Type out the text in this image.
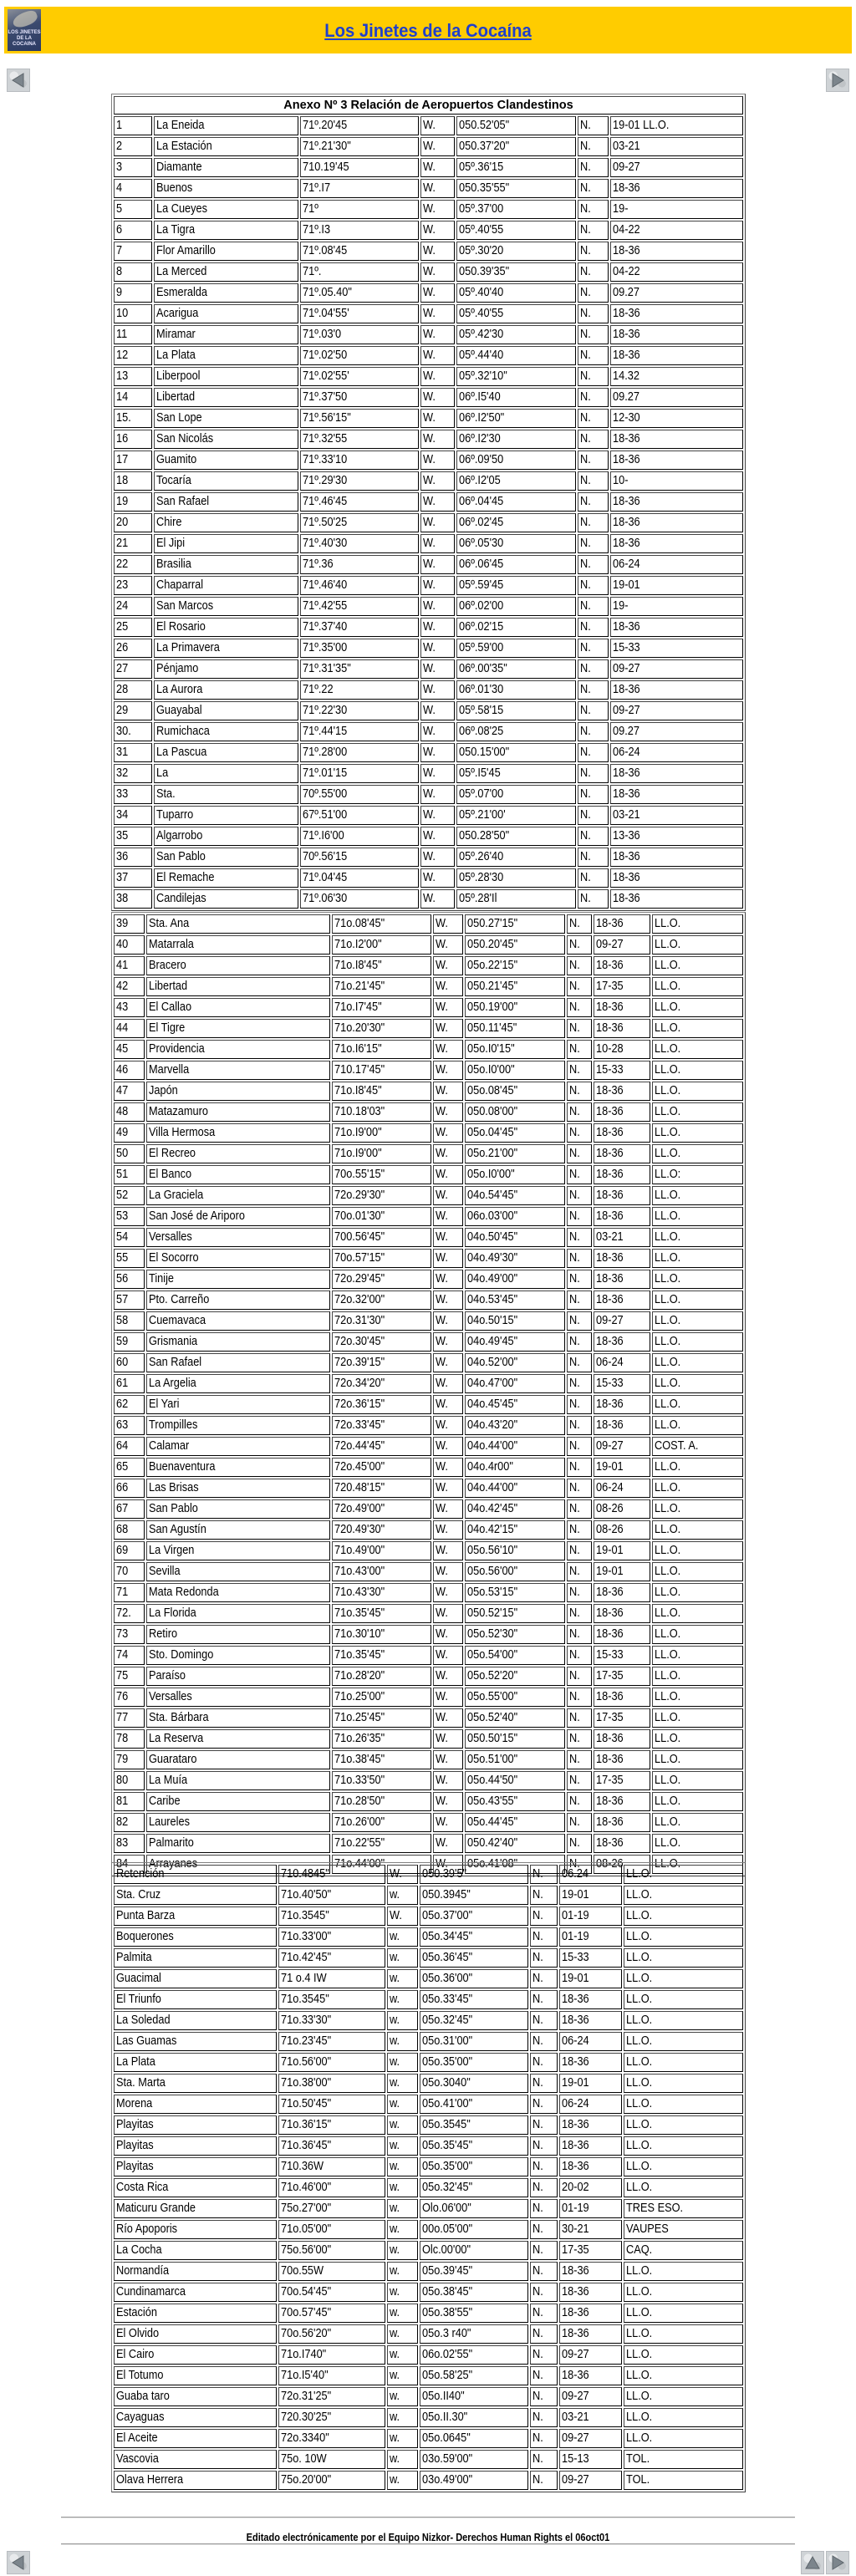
LOS JINETES DE LA COCAINA
Los Jinetes de la Cocaína
Anexo Nº 3 Relación de Aeropuertos Clandestinos						
1	La Eneida	71º.20'45	W.	050.52'05"	N.	19-01 LL.O.
2	La Estación	71º.21'30"	W.	050.37'20"	N.	03-21
3	Diamante	710.19'45	W.	05º.36'15	N.	09-27
4	Buenos	71º.I7	W.	050.35'55"	N.	18-36
5	La Cueyes	71º	W.	05º.37'00	N.	19-
6	La Tigra	71º.I3	W.	05º.40'55	N.	04-22
7	Flor Amarillo	71º.08'45	W.	05º.30'20	N.	18-36
8	La Merced	71º.	W.	050.39'35"	N.	04-22
9	Esmeralda	71º.05.40"	W.	05º.40'40	N.	09.27
10	Acarigua	71º.04'55'	W.	05º.40'55	N.	18-36
11	Miramar	71º.03'0	W.	05º.42'30	N.	18-36
12	La Plata	71º.02'50	W.	05º.44'40	N.	18-36
13	Liberpool	71º.02'55'	W.	05º.32'10"	N.	14.32
14	Libertad	71º.37'50	W.	06º.I5'40	N.	09.27
15.	San Lope	71º.56'15"	W.	06º.I2'50"	N.	12-30
16	San Nicolás	71º.32'55	W.	06º.I2'30	N.	18-36
17	Guamito	71º.33'10	W.	06º.09'50	N.	18-36
18	Tocaría	71º.29'30	W.	06º.I2'05	N.	10-
19	San Rafael	71º.46'45	W.	06º.04'45	N.	18-36
20	Chire	71º.50'25	W.	06º.02'45	N.	18-36
21	El Jipi	71º.40'30	W.	06º.05'30	N.	18-36
22	Brasilia	71º.36	W.	06º.06'45	N.	06-24
23	Chaparral	71º.46'40	W.	05º.59'45	N.	19-01
24	San Marcos	71º.42'55	W.	06º.02'00	N.	19-
25	El Rosario	71º.37'40	W.	06º.02'15	N.	18-36
26	La Primavera	71º.35'00	W.	05º.59'00	N.	15-33
27	Pénjamo	71º.31'35"	W.	06º.00'35"	N.	09-27
28	La Aurora	71º.22	W.	06º.01'30	N.	18-36
29	Guayabal	71º.22'30	W.	05º.58'15	N.	09-27
30.	Rumichaca	71º.44'15	W.	06º.08'25	N.	09.27
31	La Pascua	71º.28'00	W.	050.15'00"	N.	06-24
32	La	71º.01'15	W.	05º.I5'45	N.	18-36
33	Sta.	70º.55'00	W.	05º.07'00	N.	18-36
34	Tuparro	67º.51'00	W.	05º.21'00'	N.	03-21
35	Algarrobo	71º.I6'00	W.	050.28'50"	N.	13-36
36	San Pablo	70º.56'15	W.	05º.26'40	N.	18-36
37	El Remache	71º.04'45	W.	05º.28'30	N.	18-36
38	Candilejas	71º.06'30	W.	05º.28'Il	N.	18-36
39	Sta. Ana	71o.08'45"	W.	050.27'15"	N.	18-36	LL.O.
40	Matarrala	71o.I2'00"	W.	050.20'45"	N.	09-27	LL.O.
41	Bracero	71o.I8'45"	W.	05o.22'15"	N.	18-36	LL.O.
42	Libertad	71o.21'45"	W.	050.21'45"	N.	17-35	LL.O.
43	El Callao	71o.I7'45"	W.	050.19'00"	N.	18-36	LL.O.
44	El Tigre	71o.20'30"	W.	050.11'45"	N.	18-36	LL.O.
45	Providencia	71o.I6'15"	W.	05o.I0'15"	N.	10-28	LL.O.
46	Marvella	710.17'45"	W.	05o.I0'00"	N.	15-33	LL.O.
47	Japón	71o.I8'45"	W.	05o.08'45"	N.	18-36	LL.O.
48	Matazamuro	710.18'03"	W.	050.08'00"	N.	18-36	LL.O.
49	Villa Hermosa	71o.I9'00"	W.	05o.04'45"	N.	18-36	LL.O.
50	El Recreo	71o.I9'00"	W.	05o.21'00"	N.	18-36	LL.O.
51	El Banco	70o.55'15"	W.	05o.I0'00"	N.	18-36	LL.O:
52	La Graciela	72o.29'30"	W.	04o.54'45"	N.	18-36	LL.O.
53	San José de Ariporo	70o.01'30"	W.	06o.03'00"	N.	18-36	LL.O.
54	Versalles	700.56'45"	W.	04o.50'45"	N.	03-21	LL.O.
55	El Socorro	70o.57'15"	W.	04o.49'30"	N.	18-36	LL.O.
56	Tinije	72o.29'45"	W.	04o.49'00"	N.	18-36	LL.O.
57	Pto. Carreño	72o.32'00"	W.	04o.53'45"	N.	18-36	LL.O.
58	Cuemavaca	72o.31'30"	W.	04o.50'15"	N.	09-27	LL.O.
59	Grismania	72o.30'45"	W.	04o.49'45"	N.	18-36	LL.O.
60	San Rafael	72o.39'15"	W.	04o.52'00"	N.	06-24	LL.O.
61	La Argelia	72o.34'20"	W.	04o.47'00"	N.	15-33	LL.O.
62	El Yari	72o.36'15"	W.	04o.45'45"	N.	18-36	LL.O.
63	Trompilles	72o.33'45"	W.	04o.43'20"	N.	18-36	LL.O.
64	Calamar	72o.44'45"	W.	04o.44'00"	N.	09-27	COST. A.
65	Buenaventura	72o.45'00"	W.	04o.4r00"	N.	19-01	LL.O.
66	Las Brisas	720.48'15"	W.	04o.44'00"	N.	06-24	LL.O.
67	San Pablo	72o.49'00"	W.	04o.42'45"	N.	08-26	LL.O.
68	San Agustín	720.49'30"	W.	04o.42'15"	N.	08-26	LL.O.
69	La Virgen	71o.49'00"	W.	05o.56'10"	N.	19-01	LL.O.
70	Sevilla	71o.43'00"	W.	05o.56'00"	N.	19-01	LL.O.
71	Mata Redonda	71o.43'30"	W.	05o.53'15"	N.	18-36	LL.O.
72.	La Florida	71o.35'45"	W.	050.52'15"	N.	18-36	LL.O.
73	Retiro	71o.30'10"	W.	05o.52'30"	N.	18-36	LL.O.
74	Sto. Domingo	71o.35'45"	W.	05o.54'00"	N.	15-33	LL.O.
75	Paraíso	71o.28'20"	W.	05o.52'20"	N.	17-35	LL.O.
76	Versalles	71o.25'00"	W.	05o.55'00"	N.	18-36	LL.O.
77	Sta. Bárbara	71o.25'45"	W.	05o.52'40"	N.	17-35	LL.O.
78	La Reserva	71o.26'35"	W.	050.50'15"	N.	18-36	LL.O.
79	Guarataro	71o.38'45"	W.	05o.51'00"	N.	18-36	LL.O.
80	La Muía	71o.33'50"	W.	05o.44'50"	N.	17-35	LL.O.
81	Caribe	71o.28'50"	W.	05o.43'55"	N.	18-36	LL.O.
82	Laureles	71o.26'00"	W.	05o.44'45"	N.	18-36	LL.O.
83	Palmarito	71o.22'55"	W.	050.42'40"	N.	18-36	LL.O.
84	Arrayanes	71o.44'00"	W.	05o.41'08"	N.	08-26	LL.O.
Retención	710.4845"	W.	050.39'5"	N.	06.24	LL.O.
Sta. Cruz	71o.40'50"	w.	050.3945"	N.	19-01	LL.O.
Punta Barza	71o.3545"	W.	05o.37'00"	N.	01-19	LL.O.
Boquerones	71o.33'00"	w.	05o.34'45"	N.	01-19	LL.O.
Palmita	71o.42'45"	w.	05o.36'45"	N.	15-33	LL.O.
Guacimal	71 o.4 IW	w.	05o.36'00"	N.	19-01	LL.O.
El Triunfo	71o.3545"	w.	05o.33'45"	N.	18-36	LL.O.
La Soledad	71o.33'30"	w.	05o.32'45"	N.	18-36	LL.O.
Las Guamas	71o.23'45"	w.	05o.31'00"	N.	06-24	LL.O.
La Plata	71o.56'00"	w.	05o.35'00"	N.	18-36	LL.O.
Sta. Marta	71o.38'00"	w.	05o.3040"	N.	19-01	LL.O.
Morena	71o.50'45"	w.	05o.41'00"	N.	06-24	LL.O.
Playitas	71o.36'15"	w.	05o.3545"	N.	18-36	LL.O.
Playitas	71o.36'45"	w.	05o.35'45"	N.	18-36	LL.O.
Playitas	710.36W	w.	05o.35'00"	N.	18-36	LL.O.
Costa Rica	71o.46'00"	w.	05o.32'45"	N.	20-02	LL.O.
Maticuru Grande	75o.27'00"	w.	Olo.06'00"	N.	01-19	TRES ESO.
Río Apoporis	71o.05'00"	w.	00o.05'00"	N.	30-21	VAUPES
La Cocha	75o.56'00"	w.	Olc.00'00"	N.	17-35	CAQ.
Normandía	70o.55W	w.	05o.39'45"	N.	18-36	LL.O.
Cundinamarca	70o.54'45"	w.	05o.38'45"	N.	18-36	LL.O.
Estación	70o.57'45"	w.	05o.38'55"	N.	18-36	LL.O.
El Olvido	70o.56'20"	w.	05o.3 r40"	N.	18-36	LL.O.
El Cairo	71o.I740"	w.	06o.02'55"	N.	09-27	LL.O.
El Totumo	71o.I5'40"	w.	05o.58'25"	N.	18-36	LL.O.
Guaba taro	72o.31'25"	w.	05o.II40"	N.	09-27	LL.O.
Cayaguas	720.30'25"	w.	05o.II.30"	N.	03-21	LL.O.
El Aceite	72o.3340"	w.	05o.0645"	N.	09-27	LL.O.
Vascovia	75o. 10W	w.	03o.59'00"	N.	15-13	TOL.
Olava Herrera	75o.20'00"	w.	03o.49'00"	N.	09-27	TOL.
Editado electrónicamente por el Equipo Nizkor- Derechos Human Rights el 06oct01
